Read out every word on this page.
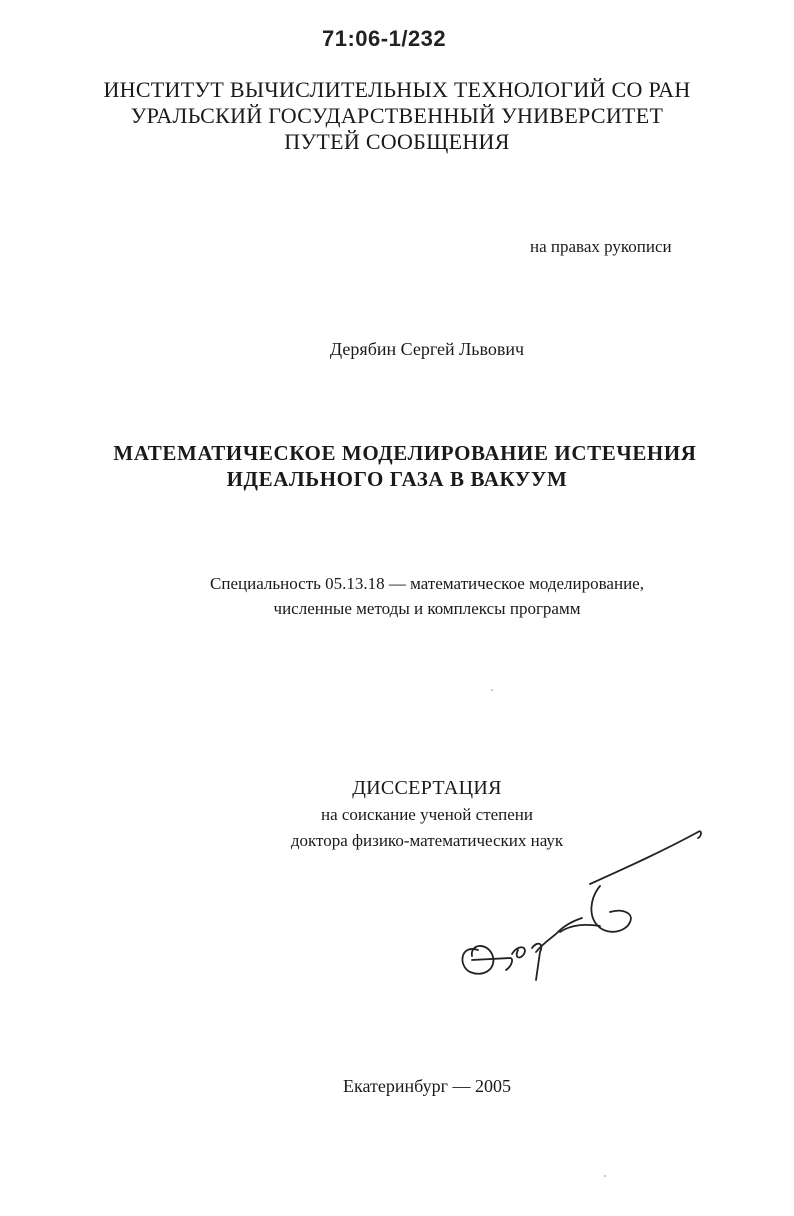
71:06-1/232
ИНСТИТУТ ВЫЧИСЛИТЕЛЬНЫХ ТЕХНОЛОГИЙ СО РАН
УРАЛЬСКИЙ ГОСУДАРСТВЕННЫЙ УНИВЕРСИТЕТ
ПУТЕЙ СООБЩЕНИЯ
на правах рукописи
Дерябин Сергей Львович
МАТЕМАТИЧЕСКОЕ МОДЕЛИРОВАНИЕ ИСТЕЧЕНИЯ
ИДЕАЛЬНОГО ГАЗА В ВАКУУМ
Специальность 05.13.18 — математическое моделирование,
численные методы и комплексы программ
ДИССЕРТАЦИЯ
на соискание ученой степени
доктора физико-математических наук
Екатеринбург — 2005
